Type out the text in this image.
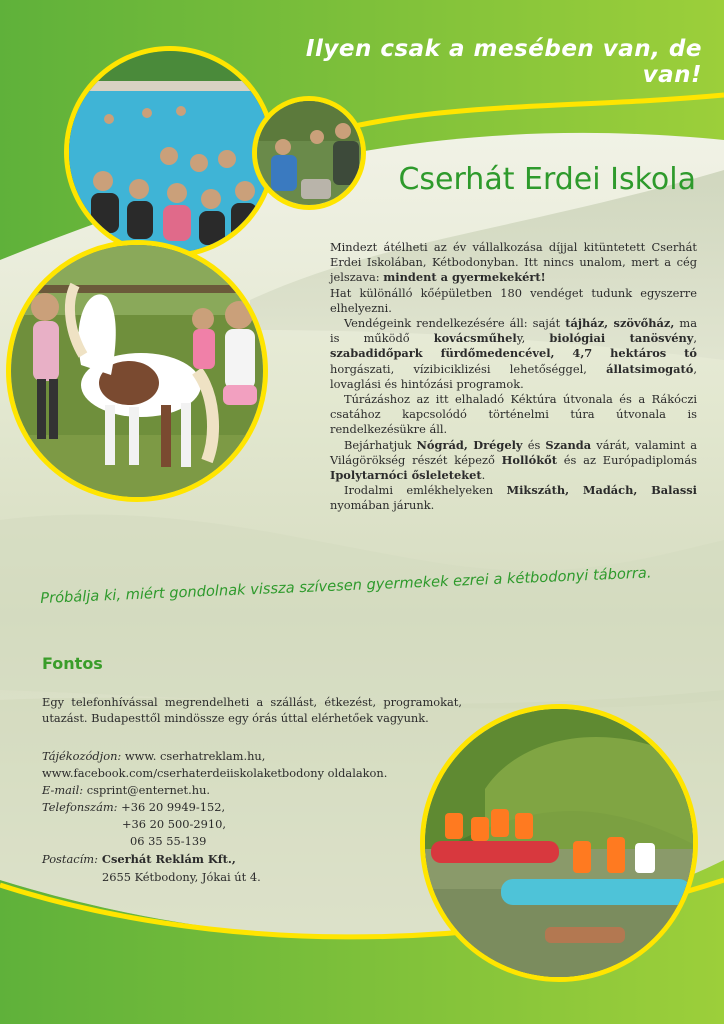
Ilyen csak a mesében van, de van!
Cserhát Erdei Iskola

Mindezt átélheti az év vállalkozása díjjal kitüntetett Cserhát Erdei Iskolában, Kétbodonyban. Itt nincs unalom, mert a cég jelszava: mindent a gyermekekért!

Hat különálló kőépületben 180 vendéget tudunk egyszerre elhelyezni.

Vendégeink rendelkezésére áll: saját tájház, szövőház, ma is működő kovácsműhely, biológiai tanösvény, szabadidőpark fürdőmedencével, 4,7 hektáros tó horgászati, vízibiciklizési lehetőséggel, állatsimogató, lovaglási és hintózási programok.

Túrázáshoz az itt elhaladó Kéktúra útvonala és a Rákóczi csatához kapcsolódó történelmi túra útvonala is rendelkezésükre áll.

Bejárhatjuk Nógrád, Drégely és Szanda várát, valamint a Világörökség részét képező Hollókőt és az Európadiplomás Ipolytarnóci ősleleteket.

Irodalmi emlékhelyeken Mikszáth, Madách, Balassi nyomában járunk.

Próbálja ki, miért gondolnak vissza szívesen gyermekek ezrei a kétbodonyi táborra.
Fontos
Egy telefonhívással megrendelheti a szállást, étkezést, programokat, utazást. Budapesttől mindössze egy órás úttal elérhetőek vagyunk.
Tájékozódjon: www. cserhatreklam.hu,
www.facebook.com/cserhaterdeiiskolaketbodony oldalakon.
E-mail: csprint@enternet.hu.
Telefonszám: +36 20 9949-152,
+36 20 500-2910,
06 35 55-139
Postacím: Cserhát Reklám Kft.,
2655 Kétbodony, Jókai út 4.
